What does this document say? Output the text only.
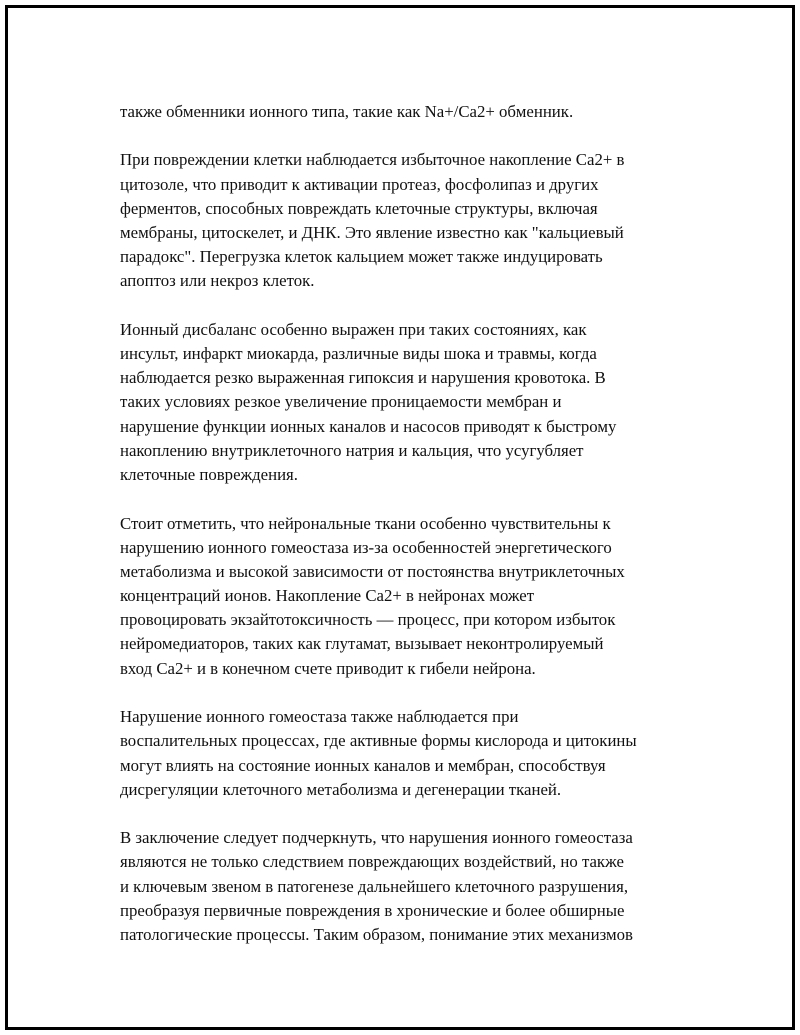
также обменники ионного типа, такие как Na+/Ca2+ обменник.
При повреждении клетки наблюдается избыточное накопление Ca2+ в
цитозоле, что приводит к активации протеаз, фосфолипаз и других
ферментов, способных повреждать клеточные структуры, включая
мембраны, цитоскелет, и ДНК. Это явление известно как "кальциевый
парадокс". Перегрузка клеток кальцием может также индуцировать
апоптоз или некроз клеток.
Ионный дисбаланс особенно выражен при таких состояниях, как
инсульт, инфаркт миокарда, различные виды шока и травмы, когда
наблюдается резко выраженная гипоксия и нарушения кровотока. В
таких условиях резкое увеличение проницаемости мембран и
нарушение функции ионных каналов и насосов приводят к быстрому
накоплению внутриклеточного натрия и кальция, что усугубляет
клеточные повреждения.
Стоит отметить, что нейрональные ткани особенно чувствительны к
нарушению ионного гомеостаза из-за особенностей энергетического
метаболизма и высокой зависимости от постоянства внутриклеточных
концентраций ионов. Накопление Ca2+ в нейронах может
провоцировать экзайтотоксичность — процесс, при котором избыток
нейромедиаторов, таких как глутамат, вызывает неконтролируемый
вход Ca2+ и в конечном счете приводит к гибели нейрона.
Нарушение ионного гомеостаза также наблюдается при
воспалительных процессах, где активные формы кислорода и цитокины
могут влиять на состояние ионных каналов и мембран, способствуя
дисрегуляции клеточного метаболизма и дегенерации тканей.
В заключение следует подчеркнуть, что нарушения ионного гомеостаза
являются не только следствием повреждающих воздействий, но также
и ключевым звеном в патогенезе дальнейшего клеточного разрушения,
преобразуя первичные повреждения в хронические и более обширные
патологические процессы. Таким образом, понимание этих механизмов
